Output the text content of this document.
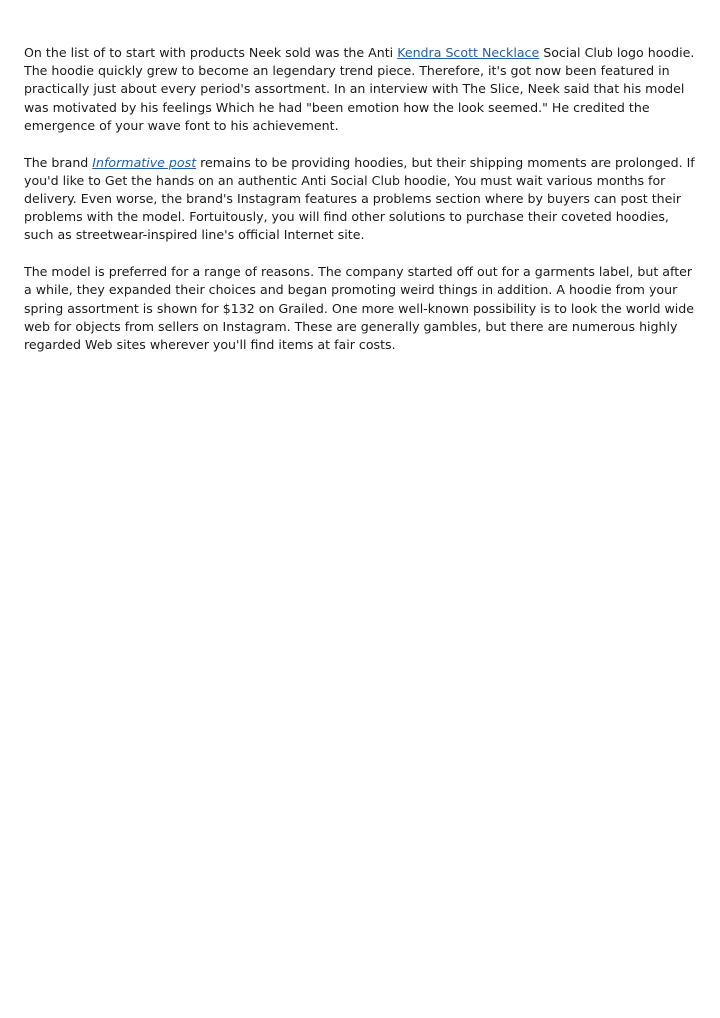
On the list of to start with products Neek sold was the Anti Kendra Scott Necklace Social Club logo hoodie. The hoodie quickly grew to become an legendary trend piece. Therefore, it's got now been featured in practically just about every period's assortment. In an interview with The Slice, Neek said that his model was motivated by his feelings Which he had "been emotion how the look seemed." He credited the emergence of your wave font to his achievement.

The brand Informative post remains to be providing hoodies, but their shipping moments are prolonged. If you'd like to Get the hands on an authentic Anti Social Club hoodie, You must wait various months for delivery. Even worse, the brand's Instagram features a problems section where by buyers can post their problems with the model. Fortuitously, you will find other solutions to purchase their coveted hoodies, such as streetwear-inspired line's official Internet site.

The model is preferred for a range of reasons. The company started off out for a garments label, but after a while, they expanded their choices and began promoting weird things in addition. A hoodie from your spring assortment is shown for $132 on Grailed. One more well-known possibility is to look the world wide web for objects from sellers on Instagram. These are generally gambles, but there are numerous highly regarded Web sites wherever you'll find items at fair costs.
